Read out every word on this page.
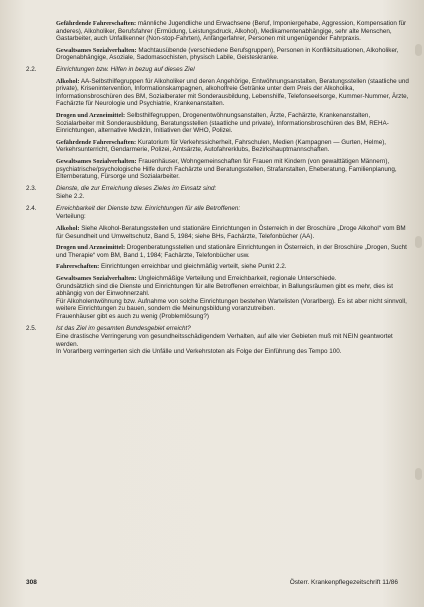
Gefährdende Fahrerschaften: männliche Jugendliche und Erwachsene (Beruf, Imponiergehabe, Aggression, Kompensation für anderes), Alkoholiker, Berufsfahrer (Ermüdung, Leistungsdruck, Alkohol), Medikamentenabhängige, sehr alte Menschen, Gastarbeiter, auch Unfallkenner (Non-stop-Fahrten), Anfängerfahrer, Personen mit ungenügender Fahrpraxis.

Gewaltsames Sozialverhalten: Machtausübende (verschiedene Berufsgruppen), Personen in Konfliktsituationen, Alkoholiker, Drogenabhängige, Asoziale, Sadomasochisten, physisch Labile, Geisteskranke.

2.2.	Einrichtungen bzw. Hilfen in bezug auf dieses Ziel

Alkohol: AA-Selbsthilfegruppen für Alkoholiker und deren Angehörige, Entwöhnungsanstalten, Beratungsstellen (staatliche und private), Krisenintervention, Informationskampagnen, alkoholfreie Getränke unter dem Preis der Alkoholika, Informationsbroschüren des BM, Sozialberater mit Sonderausbildung, Lebenshilfe, Telefonseelsorge, Kummer-Nummer, Ärzte, Fachärzte für Neurologie und Psychiatrie, Krankenanstalten.

Drogen und Arzneimittel: Selbsthilfegruppen, Drogenentwöhnungsanstalten, Ärzte, Fachärzte, Krankenanstalten, Sozialarbeiter mit Sonderausbildung, Beratungsstellen (staatliche und private), Informationsbroschüren des BM, REHA-Einrichtungen, alternative Medizin, Initiativen der WHO, Polizei.

Gefährdende Fahrerschaften: Kuratorium für Verkehrssicherheit, Fahrschulen, Medien (Kampagnen — Gurten, Helme), Verkehrsunterricht, Gendarmerie, Polizei, Amtsärzte, Autofahrerklubs, Bezirkshauptmannschaften.

Gewaltsames Sozialverhalten: Frauenhäuser, Wohngemeinschaften für Frauen mit Kindern (von gewalttätigen Männern), psychiatrische/psychologische Hilfe durch Fachärzte und Beratungsstellen, Strafanstalten, Eheberatung, Familienplanung, Elternberatung, Fürsorge und Sozialarbeiter.

2.3.	Dienste, die zur Erreichung dieses Zieles im Einsatz sind:

Siehe 2.2.

2.4.	Erreichbarkeit der Dienste bzw. Einrichtungen für alle Betroffenen:

Verteilung:

Alkohol: Siehe Alkohol-Beratungsstellen und stationäre Einrichtungen in Österreich in der Broschüre „Droge Alkohol“ vom BM für Gesundheit und Umweltschutz, Band 5, 1984; siehe BHs, Fachärzte, Telefonbücher (AA).

Drogen und Arzneimittel: Drogenberatungsstellen und stationäre Einrichtungen in Österreich, in der Broschüre „Drogen, Sucht und Therapie“ vom BM, Band 1, 1984; Fachärzte, Telefonbücher usw.

Fahrerschaften: Einrichtungen erreichbar und gleichmäßig verteilt, siehe Punkt 2.2.

Gewaltsames Sozialverhalten: Ungleichmäßige Verteilung und Erreichbarkeit, regionale Unterschiede.

Grundsätzlich sind die Dienste und Einrichtungen für alle Betroffenen erreichbar, in Ballungsräumen gibt es mehr, dies ist abhängig von der Einwohnerzahl.

Für Alkoholentwöhnung bzw. Aufnahme von solche Einrichtungen bestehen Wartelisten (Vorarlberg). Es ist aber nicht sinnvoll, weitere Einrichtungen zu bauen, sondern die Meinungsbildung voranzutreiben.

Frauenhäuser gibt es auch zu wenig (Problemlösung?)

2.5.	Ist das Ziel im gesamten Bundesgebiet erreicht?

Eine drastische Verringerung von gesundheitsschädigendem Verhalten, auf alle vier Gebieten muß mit NEIN geantwortet werden.

In Vorarlberg verringerten sich die Unfälle und Verkehrstoten als Folge der Einführung des Tempo 100.

308	Österr. Krankenpflegezeitschrift 11/86
